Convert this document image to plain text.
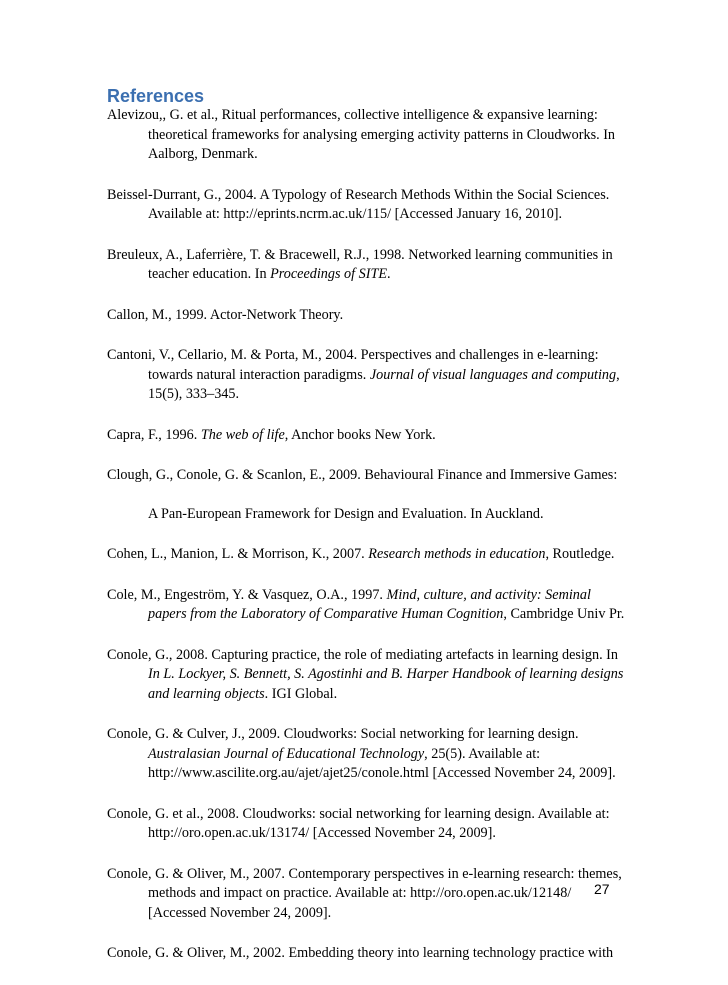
References
Alevizou,, G. et al., Ritual performances, collective intelligence & expansive learning: theoretical frameworks for analysing emerging activity patterns in Cloudworks. In Aalborg, Denmark.
Beissel-Durrant, G., 2004. A Typology of Research Methods Within the Social Sciences. Available at: http://eprints.ncrm.ac.uk/115/ [Accessed January 16, 2010].
Breuleux, A., Laferrière, T. & Bracewell, R.J., 1998. Networked learning communities in teacher education. In Proceedings of SITE.
Callon, M., 1999. Actor-Network Theory.
Cantoni, V., Cellario, M. & Porta, M., 2004. Perspectives and challenges in e-learning: towards natural interaction paradigms. Journal of visual languages and computing, 15(5), 333–345.
Capra, F., 1996. The web of life, Anchor books New York.
Clough, G., Conole, G. & Scanlon, E., 2009. Behavioural Finance and Immersive Games:
A Pan-European Framework for Design and Evaluation. In Auckland.
Cohen, L., Manion, L. & Morrison, K., 2007. Research methods in education, Routledge.
Cole, M., Engeström, Y. & Vasquez, O.A., 1997. Mind, culture, and activity: Seminal papers from the Laboratory of Comparative Human Cognition, Cambridge Univ Pr.
Conole, G., 2008. Capturing practice, the role of mediating artefacts in learning design. In In L. Lockyer, S. Bennett, S. Agostinhi and B. Harper Handbook of learning designs and learning objects. IGI Global.
Conole, G. & Culver, J., 2009. Cloudworks: Social networking for learning design. Australasian Journal of Educational Technology, 25(5). Available at: http://www.ascilite.org.au/ajet/ajet25/conole.html [Accessed November 24, 2009].
Conole, G. et al., 2008. Cloudworks: social networking for learning design. Available at: http://oro.open.ac.uk/13174/ [Accessed November 24, 2009].
Conole, G. & Oliver, M., 2007. Contemporary perspectives in e-learning research: themes, methods and impact on practice. Available at: http://oro.open.ac.uk/12148/ [Accessed November 24, 2009].
Conole, G. & Oliver, M., 2002. Embedding theory into learning technology practice with
27
